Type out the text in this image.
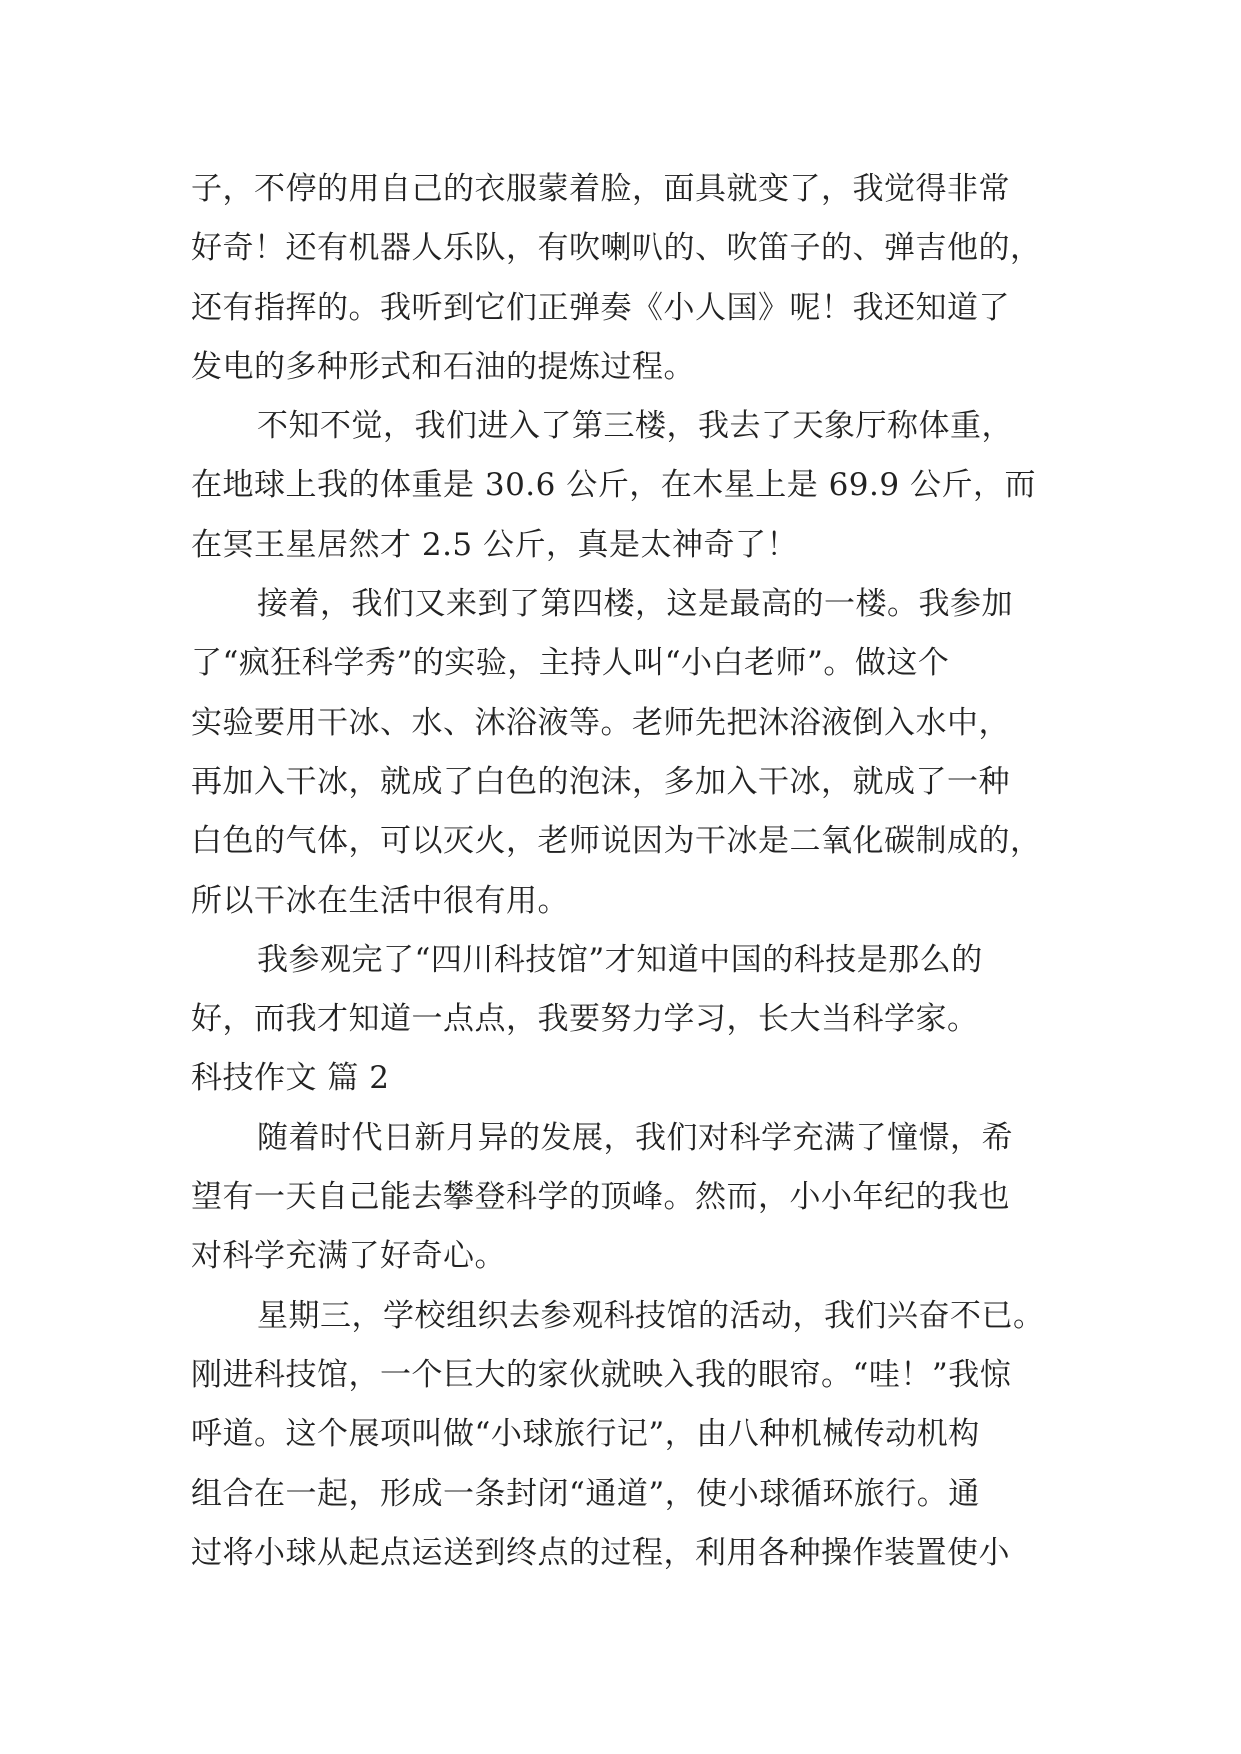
子，不停的用自己的衣服蒙着脸，面具就变了，我觉得非常
好奇！还有机器人乐队，有吹喇叭的、吹笛子的、弹吉他的，
还有指挥的。我听到它们正弹奏《小人国》呢！我还知道了
发电的多种形式和石油的提炼过程。
不知不觉，我们进入了第三楼，我去了天象厅称体重，
在地球上我的体重是 30.6 公斤，在木星上是 69.9 公斤，而
在冥王星居然才 2.5 公斤，真是太神奇了！
接着，我们又来到了第四楼，这是最高的一楼。我参加
了“疯狂科学秀”的实验，主持人叫“小白老师”。做这个
实验要用干冰、水、沐浴液等。老师先把沐浴液倒入水中，
再加入干冰，就成了白色的泡沫，多加入干冰，就成了一种
白色的气体，可以灭火，老师说因为干冰是二氧化碳制成的，
所以干冰在生活中很有用。
我参观完了“四川科技馆”才知道中国的科技是那么的
好，而我才知道一点点，我要努力学习，长大当科学家。
科技作文 篇 2
随着时代日新月异的发展，我们对科学充满了憧憬，希
望有一天自己能去攀登科学的顶峰。然而，小小年纪的我也
对科学充满了好奇心。
星期三，学校组织去参观科技馆的活动，我们兴奋不已。
刚进科技馆，一个巨大的家伙就映入我的眼帘。“哇！”我惊
呼道。这个展项叫做“小球旅行记”，由八种机械传动机构
组合在一起，形成一条封闭“通道”，使小球循环旅行。通
过将小球从起点运送到终点的过程，利用各种操作装置使小
